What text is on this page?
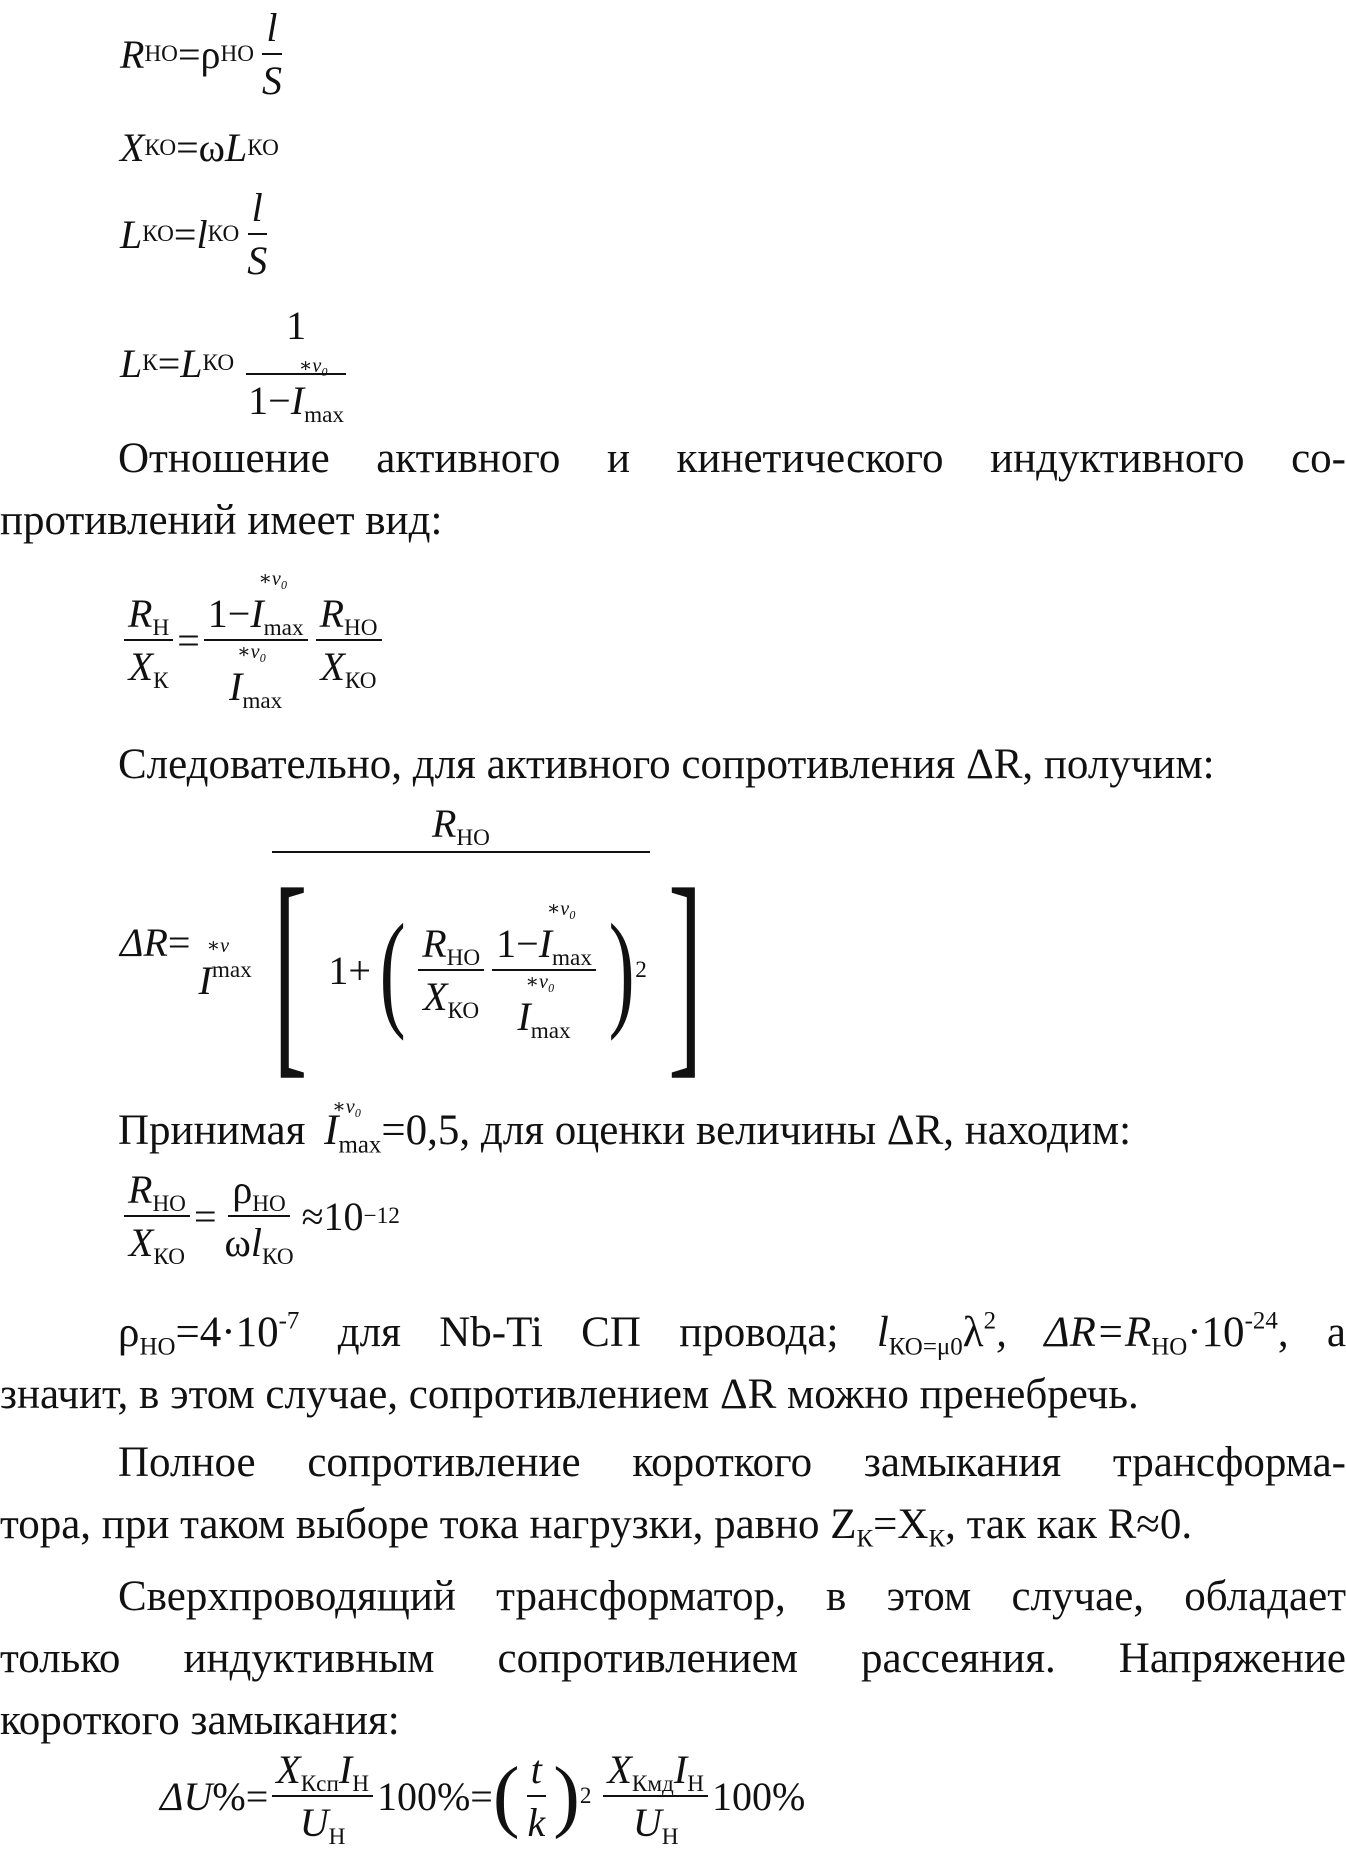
R НО = ρ НО $\frac{l}{S}$
X КО = ω L КО
L КО = l КО $\frac{l}{S}$
L К = L КО 1
1−
∗ν₀
$I_{max}$
Отношение активного и кинетического индуктивного со-
противлений имеет вид:
$\frac{R_Н}{X_К} = 1-$
∗ν₀
$I_{max}$
∗ν₀
$I_{max} \frac{R_{НО}}{X_{КО}}$
Следовательно, для активного сопротивления ΔR, получим:
ΔR =
$R_{НО}$
∗ν
I max [ 1+ ( $\frac{R_{НО}}{X_{КО}} 1-$
∗ν₀
$I_{max}$
∗ν₀
$I_{max}$ ) 2 ]
Принимая ∗ν₀
$I_{max}=0,5$, для оценки величины ΔR, находим:
$\frac{R_{НО}}{X_{КО}} = \frac{\rho_{НО}}{\omega l_{КО}} \approx 10 -12$
$\rho_{НО}=4\cdot 10^{-7}$ для Nb-Ti СП провода; $l_{КО=\mu 0}\lambda^2$, $\Delta R=R_{НО}\cdot 10^{-24}$, а
значит, в этом случае, сопротивлением ΔR можно пренебречь.
Полное сопротивление короткого замыкания трансформа-
тора, при таком выборе тока нагрузки, равно $Z_К=X_К$, так как R≈0.
Сверхпроводящий трансформатор, в этом случае, обладает
только индуктивным сопротивлением рассеяния. Напряжение
короткого замыкания:
ΔU % = $\frac{X_{Кcп}I_Н}{U_Н} 100\%$ = ( $\frac{t}{k}$ ) $2 \frac{X_{Кмд}I_Н}{U_Н} 100\%$
